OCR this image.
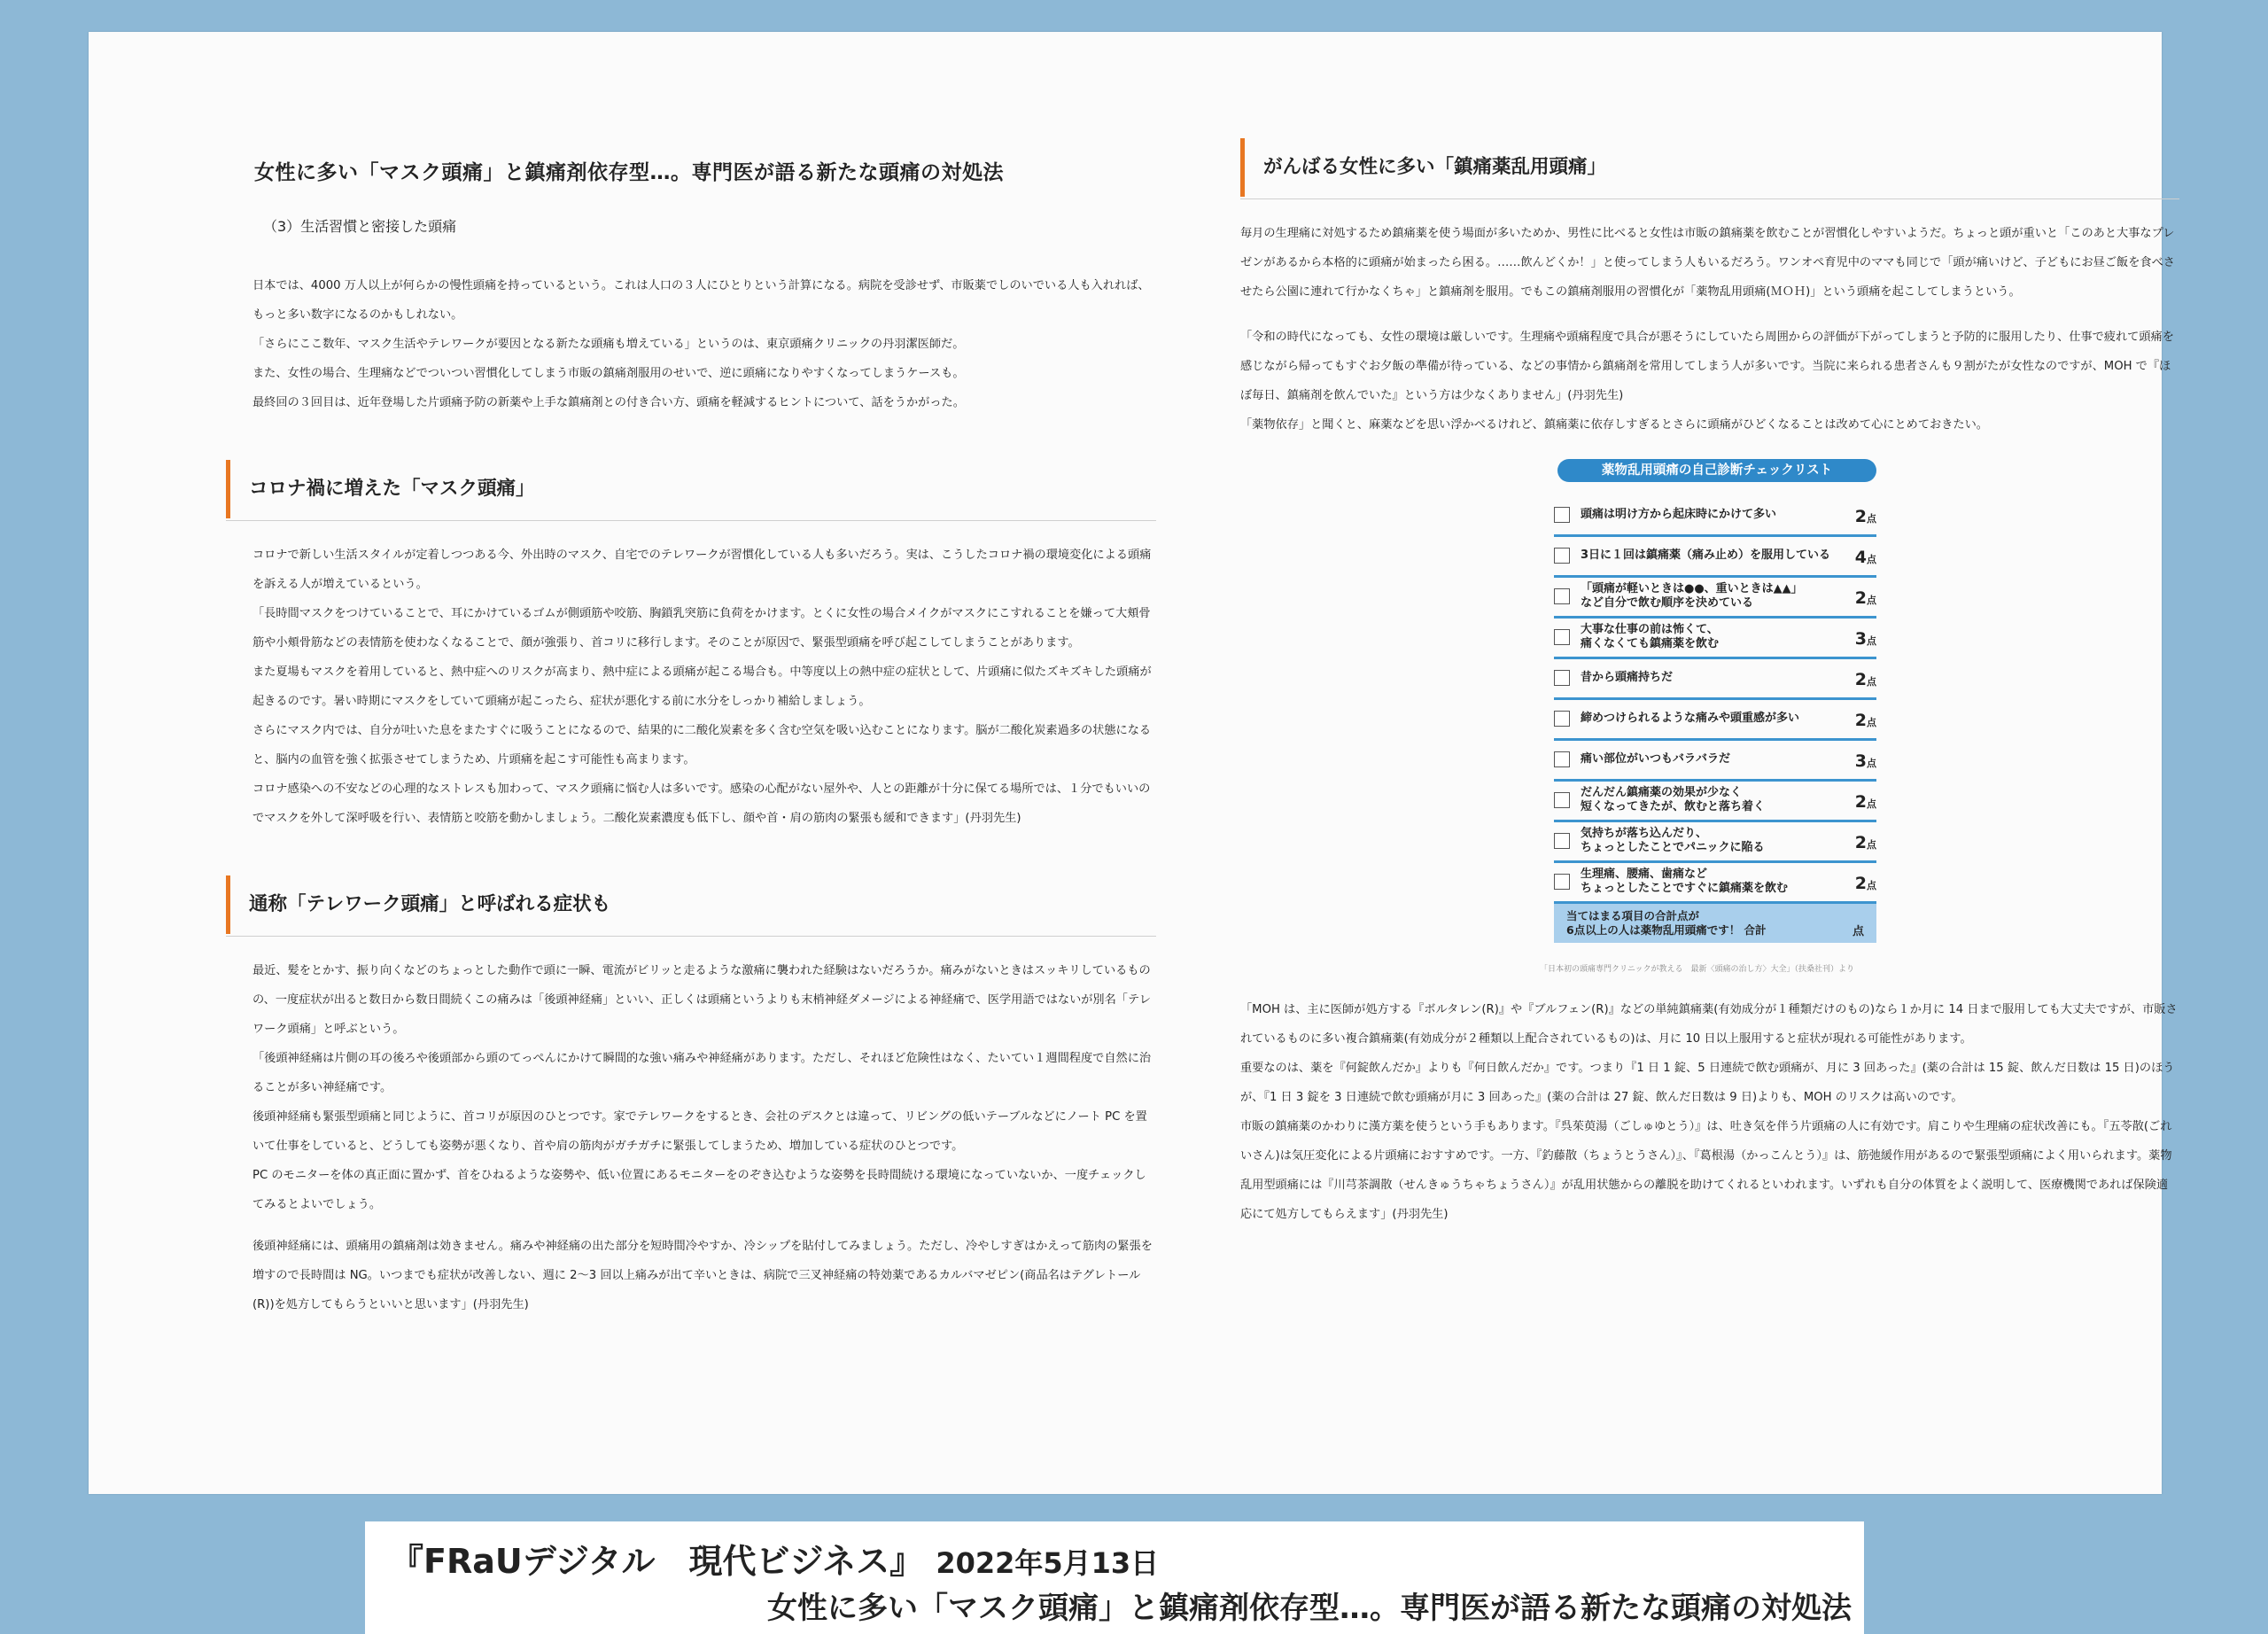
女性に多い「マスク頭痛」と鎮痛剤依存型…。専門医が語る新たな頭痛の対処法
（3）生活習慣と密接した頭痛

日本では、4000 万人以上が何らかの慢性頭痛を持っているという。これは人口の３人にひとりという計算になる。病院を受診せず、市販薬でしのいでいる人も入れれば、もっと多い数字になるのかもしれない。

「さらにここ数年、マスク生活やテレワークが要因となる新たな頭痛も増えている」というのは、東京頭痛クリニックの丹羽潔医師だ。

また、女性の場合、生理痛などでついつい習慣化してしまう市販の鎮痛剤服用のせいで、逆に頭痛になりやすくなってしまうケースも。

最終回の３回目は、近年登場した片頭痛予防の新薬や上手な鎮痛剤との付き合い方、頭痛を軽減するヒントについて、話をうかがった。

コロナ禍に増えた「マスク頭痛」

コロナで新しい生活スタイルが定着しつつある今、外出時のマスク、自宅でのテレワークが習慣化している人も多いだろう。実は、こうしたコロナ禍の環境変化による頭痛を訴える人が増えているという。

「長時間マスクをつけていることで、耳にかけているゴムが側頭筋や咬筋、胸鎖乳突筋に負荷をかけます。とくに女性の場合メイクがマスクにこすれることを嫌って大頬骨筋や小頬骨筋などの表情筋を使わなくなることで、顔が強張り、首コリに移行します。そのことが原因で、緊張型頭痛を呼び起こしてしまうことがあります。

また夏場もマスクを着用していると、熱中症へのリスクが高まり、熱中症による頭痛が起こる場合も。中等度以上の熱中症の症状として、片頭痛に似たズキズキした頭痛が起きるのです。暑い時期にマスクをしていて頭痛が起こったら、症状が悪化する前に水分をしっかり補給しましょう。

さらにマスク内では、自分が吐いた息をまたすぐに吸うことになるので、結果的に二酸化炭素を多く含む空気を吸い込むことになります。脳が二酸化炭素過多の状態になると、脳内の血管を強く拡張させてしまうため、片頭痛を起こす可能性も高まります。

コロナ感染への不安などの心理的なストレスも加わって、マスク頭痛に悩む人は多いです。感染の心配がない屋外や、人との距離が十分に保てる場所では、１分でもいいのでマスクを外して深呼吸を行い、表情筋と咬筋を動かしましょう。二酸化炭素濃度も低下し、顔や首・肩の筋肉の緊張も緩和できます」(丹羽先生)

通称「テレワーク頭痛」と呼ばれる症状も

最近、髪をとかす、振り向くなどのちょっとした動作で頭に一瞬、電流がビリッと走るような激痛に襲われた経験はないだろうか。痛みがないときはスッキリしているものの、一度症状が出ると数日から数日間続くこの痛みは「後頭神経痛」といい、正しくは頭痛というよりも末梢神経ダメージによる神経痛で、医学用語ではないが別名「テレワーク頭痛」と呼ぶという。

「後頭神経痛は片側の耳の後ろや後頭部から頭のてっぺんにかけて瞬間的な強い痛みや神経痛があります。ただし、それほど危険性はなく、たいてい１週間程度で自然に治ることが多い神経痛です。

後頭神経痛も緊張型頭痛と同じように、首コリが原因のひとつです。家でテレワークをするとき、会社のデスクとは違って、リビングの低いテーブルなどにノート PC を置いて仕事をしていると、どうしても姿勢が悪くなり、首や肩の筋肉がガチガチに緊張してしまうため、増加している症状のひとつです。

PC のモニターを体の真正面に置かず、首をひねるような姿勢や、低い位置にあるモニターをのぞき込むような姿勢を長時間続ける環境になっていないか、一度チェックしてみるとよいでしょう。

後頭神経痛には、頭痛用の鎮痛剤は効きません。痛みや神経痛の出た部分を短時間冷やすか、冷シップを貼付してみましょう。ただし、冷やしすぎはかえって筋肉の緊張を増すので長時間は NG。いつまでも症状が改善しない、週に 2～3 回以上痛みが出て辛いときは、病院で三叉神経痛の特効薬であるカルバマゼピン(商品名はテグレトール(R))を処方してもらうといいと思います」(丹羽先生)

がんばる女性に多い「鎮痛薬乱用頭痛」

毎月の生理痛に対処するため鎮痛薬を使う場面が多いためか、男性に比べると女性は市販の鎮痛薬を飲むことが習慣化しやすいようだ。ちょっと頭が重いと「このあと大事なプレゼンがあるから本格的に頭痛が始まったら困る。……飲んどくか！」と使ってしまう人もいるだろう。ワンオペ育児中のママも同じで「頭が痛いけど、子どもにお昼ご飯を食べさせたら公園に連れて行かなくちゃ」と鎮痛剤を服用。でもこの鎮痛剤服用の習慣化が「薬物乱用頭痛(ＭＯＨ)」という頭痛を起こしてしまうという。

「令和の時代になっても、女性の環境は厳しいです。生理痛や頭痛程度で具合が悪そうにしていたら周囲からの評価が下がってしまうと予防的に服用したり、仕事で疲れて頭痛を感じながら帰ってもすぐお夕飯の準備が待っている、などの事情から鎮痛剤を常用してしまう人が多いです。当院に来られる患者さんも９割がたが女性なのですが、MOH で『ほぼ毎日、鎮痛剤を飲んでいた』という方は少なくありません」(丹羽先生)

「薬物依存」と聞くと、麻薬などを思い浮かべるけれど、鎮痛薬に依存しすぎるとさらに頭痛がひどくなることは改めて心にとめておきたい。

薬物乱用頭痛の自己診断チェックリスト
頭痛は明け方から起床時にかけて多い	2点
3日に１回は鎮痛薬（痛み止め）を服用している	4点
「頭痛が軽いときは●●、重いときは▲▲」
など自分で飲む順序を決めている	2点
大事な仕事の前は怖くて、
痛くなくても鎮痛薬を飲む	3点
昔から頭痛持ちだ	2点
締めつけられるような痛みや頭重感が多い	2点
痛い部位がいつもバラバラだ	3点
だんだん鎮痛薬の効果が少なく
短くなってきたが、飲むと落ち着く	2点
気持ちが落ち込んだり、
ちょっとしたことでパニックに陥る	2点
生理痛、腰痛、歯痛など
ちょっとしたことですぐに鎮痛薬を飲む	2点
当てはまる項目の合計点が
6点以上の人は薬物乱用頭痛です！ 合計	点
「日本初の頭痛専門クリニックが教える　最新〈頭痛の治し方〉大全」（扶桑社刊）より

「MOH は、主に医師が処方する『ボルタレン(R)』や『ブルフェン(R)』などの単純鎮痛薬(有効成分が１種類だけのもの)なら１か月に 14 日まで服用しても大丈夫ですが、市販されているものに多い複合鎮痛薬(有効成分が２種類以上配合されているもの)は、月に 10 日以上服用すると症状が現れる可能性があります。

重要なのは、薬を『何錠飲んだか』よりも『何日飲んだか』です。つまり『1 日 1 錠、5 日連続で飲む頭痛が、月に 3 回あった』(薬の合計は 15 錠、飲んだ日数は 15 日)のほうが、『1 日 3 錠を 3 日連続で飲む頭痛が月に 3 回あった』(薬の合計は 27 錠、飲んだ日数は 9 日)よりも、MOH のリスクは高いのです。

市販の鎮痛薬のかわりに漢方薬を使うという手もあります。『呉茱萸湯（ごしゅゆとう）』は、吐き気を伴う片頭痛の人に有効です。肩こりや生理痛の症状改善にも。『五苓散(ごれいさん)は気圧変化による片頭痛におすすめです。一方、『釣藤散（ちょうとうさん）』、『葛根湯（かっこんとう）』は、筋弛緩作用があるので緊張型頭痛によく用いられます。薬物乱用型頭痛には『川芎茶調散（せんきゅうちゃちょうさん）』が乱用状態からの離脱を助けてくれるといわれます。いずれも自分の体質をよく説明して、医療機関であれば保険適応にて処方してもらえます」(丹羽先生)

『FRaUデジタル　現代ビジネス』 2022年5月13日
女性に多い「マスク頭痛」と鎮痛剤依存型…。専門医が語る新たな頭痛の対処法
